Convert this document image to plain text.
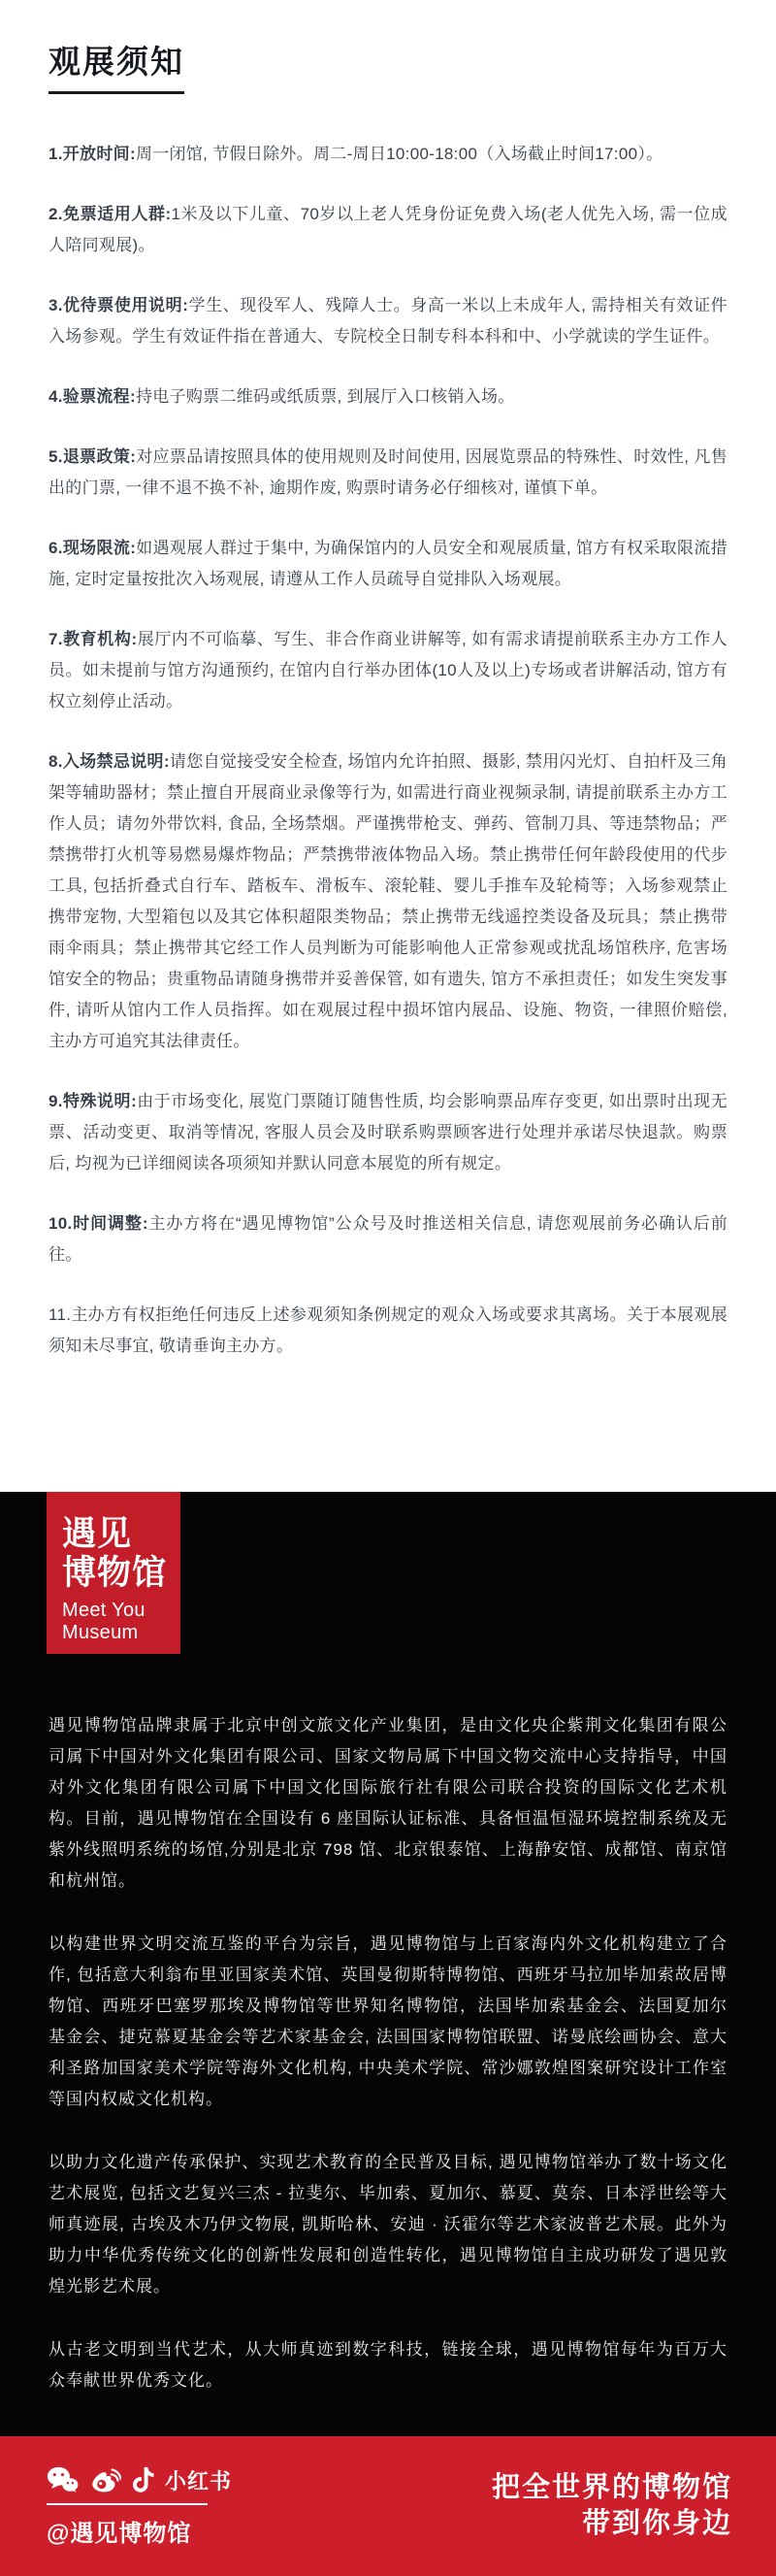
观展须知

1.开放时间:周一闭馆, 节假日除外。周二-周日10:00-18:00（入场截止时间17:00）。

2.免票适用人群:1米及以下儿童、70岁以上老人凭身份证免费入场(老人优先入场, 需一位成人陪同观展)。

3.优待票使用说明:学生、现役军人、残障人士。身高一米以上未成年人, 需持相关有效证件入场参观。学生有效证件指在普通大、专院校全日制专科本科和中、小学就读的学生证件。

4.验票流程:持电子购票二维码或纸质票, 到展厅入口核销入场。

5.退票政策:对应票品请按照具体的使用规则及时间使用, 因展览票品的特殊性、时效性, 凡售出的门票, 一律不退不换不补, 逾期作废, 购票时请务必仔细核对, 谨慎下单。

6.现场限流:如遇观展人群过于集中, 为确保馆内的人员安全和观展质量, 馆方有权采取限流措施, 定时定量按批次入场观展, 请遵从工作人员疏导自觉排队入场观展。

7.教育机构:展厅内不可临摹、写生、非合作商业讲解等, 如有需求请提前联系主办方工作人员。如未提前与馆方沟通预约, 在馆内自行举办团体(10人及以上)专场或者讲解活动, 馆方有权立刻停止活动。

8.入场禁忌说明:请您自觉接受安全检查, 场馆内允许拍照、摄影, 禁用闪光灯、自拍杆及三角架等辅助器材；禁止擅自开展商业录像等行为, 如需进行商业视频录制, 请提前联系主办方工作人员；请勿外带饮料, 食品, 全场禁烟。严谨携带枪支、弹药、管制刀具、等违禁物品；严禁携带打火机等易燃易爆炸物品；严禁携带液体物品入场。禁止携带任何年龄段使用的代步工具, 包括折叠式自行车、踏板车、滑板车、滚轮鞋、婴儿手推车及轮椅等；入场参观禁止携带宠物, 大型箱包以及其它体积超限类物品；禁止携带无线遥控类设备及玩具；禁止携带雨伞雨具；禁止携带其它经工作人员判断为可能影响他人正常参观或扰乱场馆秩序, 危害场馆安全的物品；贵重物品请随身携带并妥善保管, 如有遗失, 馆方不承担责任；如发生突发事件, 请听从馆内工作人员指挥。如在观展过程中损坏馆内展品、设施、物资, 一律照价赔偿, 主办方可追究其法律责任。

9.特殊说明:由于市场变化, 展览门票随订随售性质, 均会影响票品库存变更, 如出票时出现无票、活动变更、取消等情况, 客服人员会及时联系购票顾客进行处理并承诺尽快退款。购票后, 均视为已详细阅读各项须知并默认同意本展览的所有规定。

10.时间调整:主办方将在“遇见博物馆”公众号及时推送相关信息, 请您观展前务必确认后前往。

11.主办方有权拒绝任何违反上述参观须知条例规定的观众入场或要求其离场。关于本展观展须知未尽事宜, 敬请垂询主办方。

遇见
博物馆
Meet You
Museum

遇见博物馆品牌隶属于北京中创文旅文化产业集团，是由文化央企紫荆文化集团有限公司属下中国对外文化集团有限公司、国家文物局属下中国文物交流中心支持指导，中国对外文化集团有限公司属下中国文化国际旅行社有限公司联合投资的国际文化艺术机构。目前，遇见博物馆在全国设有 6 座国际认证标准、具备恒温恒湿环境控制系统及无紫外线照明系统的场馆,分别是北京 798 馆、北京银泰馆、上海静安馆、成都馆、南京馆和杭州馆。

以构建世界文明交流互鉴的平台为宗旨，遇见博物馆与上百家海内外文化机构建立了合作, 包括意大利翁布里亚国家美术馆、英国曼彻斯特博物馆、西班牙马拉加毕加索故居博物馆、西班牙巴塞罗那埃及博物馆等世界知名博物馆，法国毕加索基金会、法国夏加尔基金会、捷克慕夏基金会等艺术家基金会, 法国国家博物馆联盟、诺曼底绘画协会、意大利圣路加国家美术学院等海外文化机构, 中央美术学院、常沙娜敦煌图案研究设计工作室等国内权威文化机构。

以助力文化遗产传承保护、实现艺术教育的全民普及目标, 遇见博物馆举办了数十场文化艺术展览, 包括文艺复兴三杰 - 拉斐尔、毕加索、夏加尔、慕夏、莫奈、日本浮世绘等大师真迹展, 古埃及木乃伊文物展, 凯斯哈林、安迪 · 沃霍尔等艺术家波普艺术展。此外为助力中华优秀传统文化的创新性发展和创造性转化，遇见博物馆自主成功研发了遇见敦煌光影艺术展。

从古老文明到当代艺术，从大师真迹到数字科技，链接全球，遇见博物馆每年为百万大众奉献世界优秀文化。

小红书
@遇见博物馆
把全世界的博物馆
带到你身边
